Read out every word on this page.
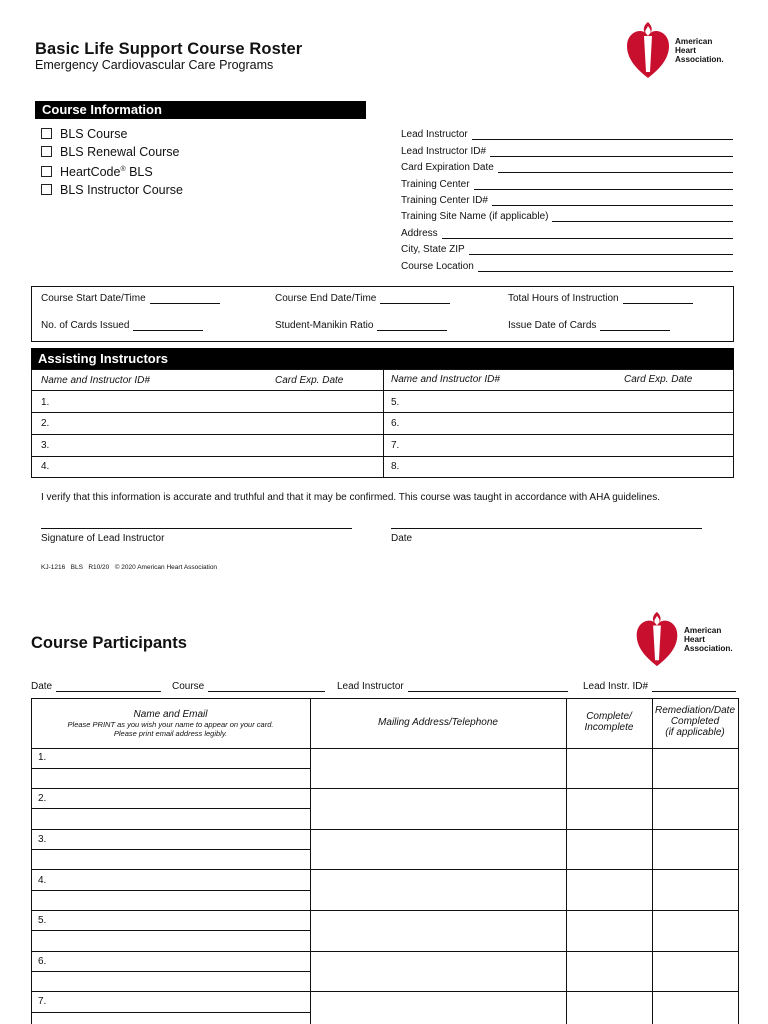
Basic Life Support Course Roster
Emergency Cardiovascular Care Programs
American
Heart
Association.
Course Information
BLS Course
BLS Renewal Course
HeartCode® BLS
BLS Instructor Course
Lead Instructor
Lead Instructor ID#
Card Expiration Date
Training Center
Training Center ID#
Training Site Name (if applicable)
Address
City, State ZIP
Course Location
Course Start Date/Time	Course End Date/Time	Total Hours of Instruction
No. of Cards Issued	Student-Manikin Ratio	Issue Date of Cards
Assisting Instructors
Name and Instructor ID#	Card Exp. Date	Name and Instructor ID#	Card Exp. Date
1.
2.
3.
4.
5.
6.
7.
8.
I verify that this information is accurate and truthful and that it may be confirmed. This course was taught in accordance with AHA guidelines.
Signature of Lead Instructor	Date
KJ-1216   BLS   R10/20   © 2020 American Heart Association
Course Participants
American
Heart
Association.
Date	Course	Lead Instructor	Lead Instr. ID#
Name and Email
Please PRINT as you wish your name to appear on your card.
Please print email address legibly.
Mailing Address/Telephone
Complete/
Incomplete
Remediation/Date
Completed
(if applicable)
1.
2.
3.
4.
5.
6.
7.
